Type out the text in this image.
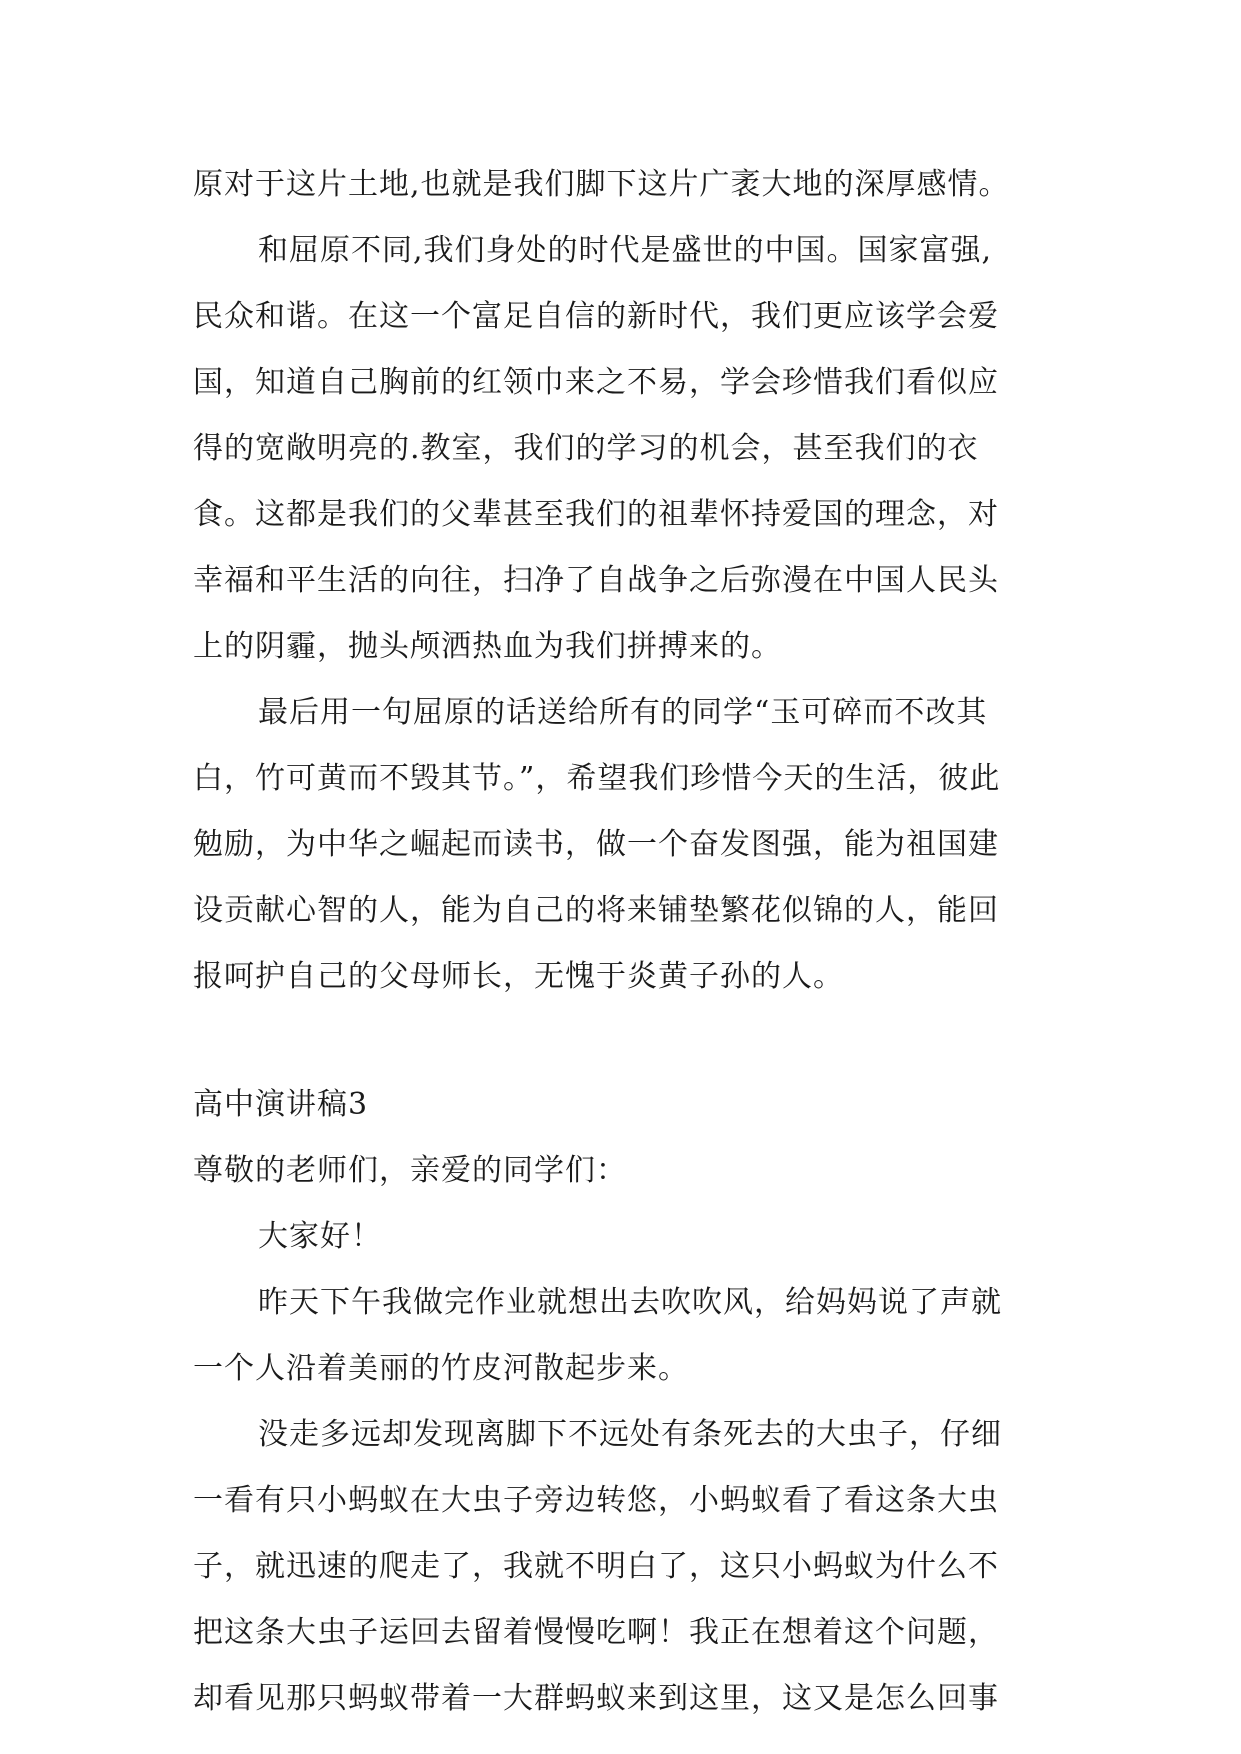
原对于这片土地,也就是我们脚下这片广袤大地的深厚感情。
和屈原不同,我们身处的时代是盛世的中国。国家富强,
民众和谐。在这一个富足自信的新时代，我们更应该学会爱
国，知道自己胸前的红领巾来之不易，学会珍惜我们看似应
得的宽敞明亮的.教室，我们的学习的机会，甚至我们的衣
食。这都是我们的父辈甚至我们的祖辈怀持爱国的理念，对
幸福和平生活的向往，扫净了自战争之后弥漫在中国人民头
上的阴霾，抛头颅洒热血为我们拼搏来的。
最后用一句屈原的话送给所有的同学“玉可碎而不改其
白，竹可黄而不毁其节。”，希望我们珍惜今天的生活，彼此
勉励，为中华之崛起而读书，做一个奋发图强，能为祖国建
设贡献心智的人，能为自己的将来铺垫繁花似锦的人，能回
报呵护自己的父母师长，无愧于炎黄子孙的人。
高中演讲稿3
尊敬的老师们，亲爱的同学们：
大家好！
昨天下午我做完作业就想出去吹吹风，给妈妈说了声就
一个人沿着美丽的竹皮河散起步来。
没走多远却发现离脚下不远处有条死去的大虫子，仔细
一看有只小蚂蚁在大虫子旁边转悠，小蚂蚁看了看这条大虫
子，就迅速的爬走了，我就不明白了，这只小蚂蚁为什么不
把这条大虫子运回去留着慢慢吃啊！我正在想着这个问题，
却看见那只蚂蚁带着一大群蚂蚁来到这里，这又是怎么回事
